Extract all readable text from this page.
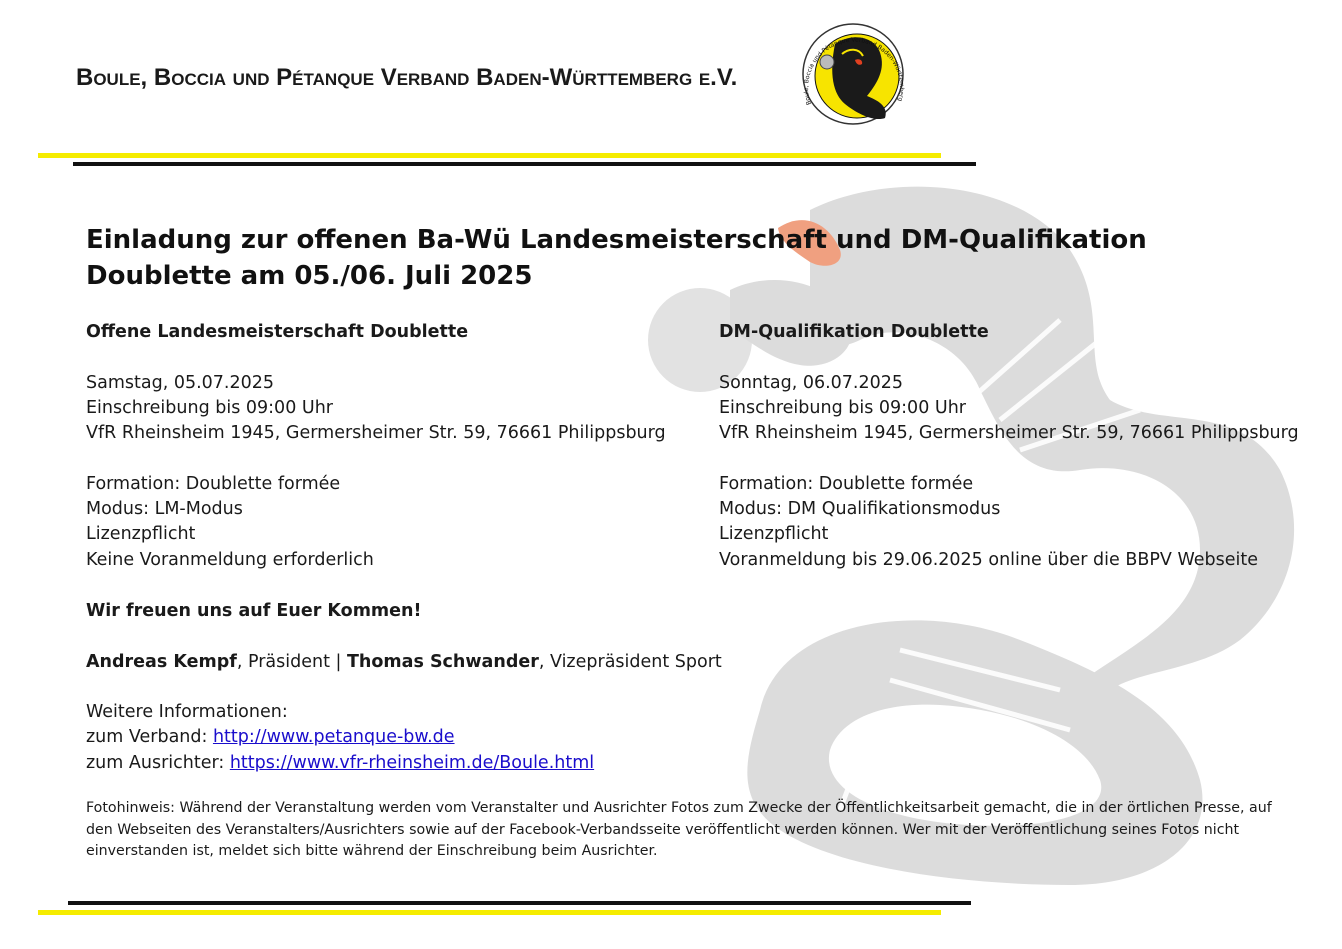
Boule, Boccia und Pétanque Verband Baden-Württemberg e.V.
Boule, Boccia und Pétanque Verband Baden-Württemberg
Einladung zur offenen Ba-Wü Landesmeisterschaft und DM-Qualifikation
Doublette am 05./06. Juli 2025

Offene Landesmeisterschaft Doublette

Samstag, 05.07.2025

Einschreibung bis 09:00 Uhr

VfR Rheinsheim 1945, Germersheimer Str. 59, 76661 Philippsburg

Formation: Doublette formée

Modus: LM-Modus

Lizenzpflicht

Keine Voranmeldung erforderlich

DM-Qualifikation Doublette

Sonntag, 06.07.2025

Einschreibung bis 09:00 Uhr

VfR Rheinsheim 1945, Germersheimer Str. 59, 76661 Philippsburg

Formation: Doublette formée

Modus: DM Qualifikationsmodus

Lizenzpflicht

Voranmeldung bis 29.06.2025 online über die BBPV Webseite

Wir freuen uns auf Euer Kommen!

Andreas Kempf, Präsident | Thomas Schwander, Vizepräsident Sport

Weitere Informationen:

zum Verband: http://www.petanque-bw.de

zum Ausrichter: https://www.vfr-rheinsheim.de/Boule.html

Fotohinweis: Während der Veranstaltung werden vom Veranstalter und Ausrichter Fotos zum Zwecke der Öffentlichkeitsarbeit gemacht, die in der örtlichen Presse, auf den Webseiten des Veranstalters/Ausrichters sowie auf der Facebook-Verbandsseite veröffentlicht werden können. Wer mit der Veröffentlichung seines Fotos nicht einverstanden ist, meldet sich bitte während der Einschreibung beim Ausrichter.
